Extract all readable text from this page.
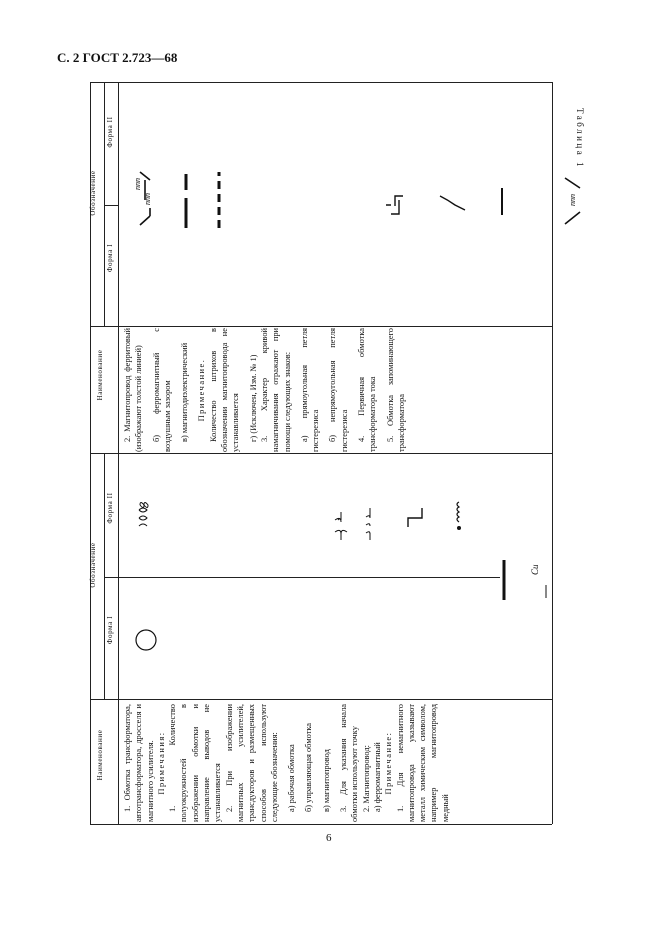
С. 2 ГОСТ 2.723—68
Таблица 1
Наименование
Обозначение
Форма I
Форма II
Наименование
Обозначение
Форма I
Форма II

1. Обмотка трансформатора, автотрансформатора, дросселя и магнитного усилителя. Примечания: 1. Количество полуокружностей в изображении обмотки и направление выводов не устанавливается 2. При изображении магнитных усилителей, трансдукторов и размещенных способов используют следующие обозначения: а) рабочая обмотка б) управляющая обмотка в) магнитопровод 3. Для указания начала обмотки используют точку 2. Магнитопровод: а) ферромагнитный Примечание: 1. Для немагнитного магнитопровода указывают металл химическим символом, например магнитопровод медный

2. Магнитопровод ферритовый (изображают толстой линией) б) ферромагнитный с воздушным зазором в) магнитодиэлектрический Примечание. Количество штрихов в обозначении магнитопровода не устанавливается г) (Исключен, Изм. № 1) 3. Характер кривой намагничивания отражают при помощи следующих знаков: а) прямоугольная петля гистерезиса б) непрямоугольная петля гистерезиса 4. Первичная обмотка трансформатора тока 5. Обмотка запоминающего трансформатора

Cu
nnn
nnn
nnn
6
